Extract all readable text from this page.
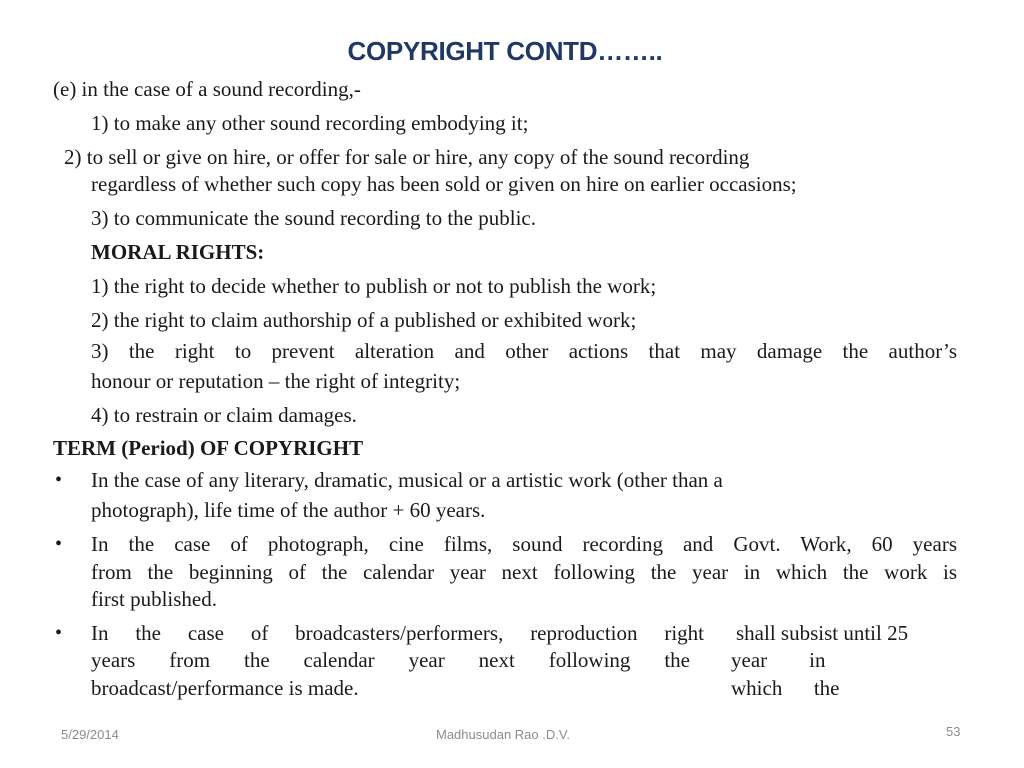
COPYRIGHT CONTD……..
(e) in the case of a sound recording,-
1) to make any other sound recording embodying it;
2) to sell or give on hire, or offer for sale or hire, any copy of the sound recording
regardless of whether such copy has been sold or given on hire on earlier occasions;
3) to communicate the sound recording to the public.
MORAL RIGHTS:
1) the right to decide whether to publish or not to publish the work;
2) the right to claim authorship of a published or exhibited work;
3) the right to prevent alteration and other actions that may damage the author’s
honour or reputation – the right of integrity;
4) to restrain or claim damages.
TERM (Period) OF COPYRIGHT
• In the case of any literary, dramatic, musical or a artistic work (other than a
photograph), life time of the author + 60 years.
• In the case of photograph, cine films, sound recording and Govt. Work, 60 years
from the beginning of the calendar year next following the year in which the work is
first published.
• In the case of broadcasters/performers, reproduction right
years from the calendar year next following the
broadcast/performance is made.
shall subsist until 25
year        in
which      the
5/29/2014	Madhusudan Rao .D.V.	53
